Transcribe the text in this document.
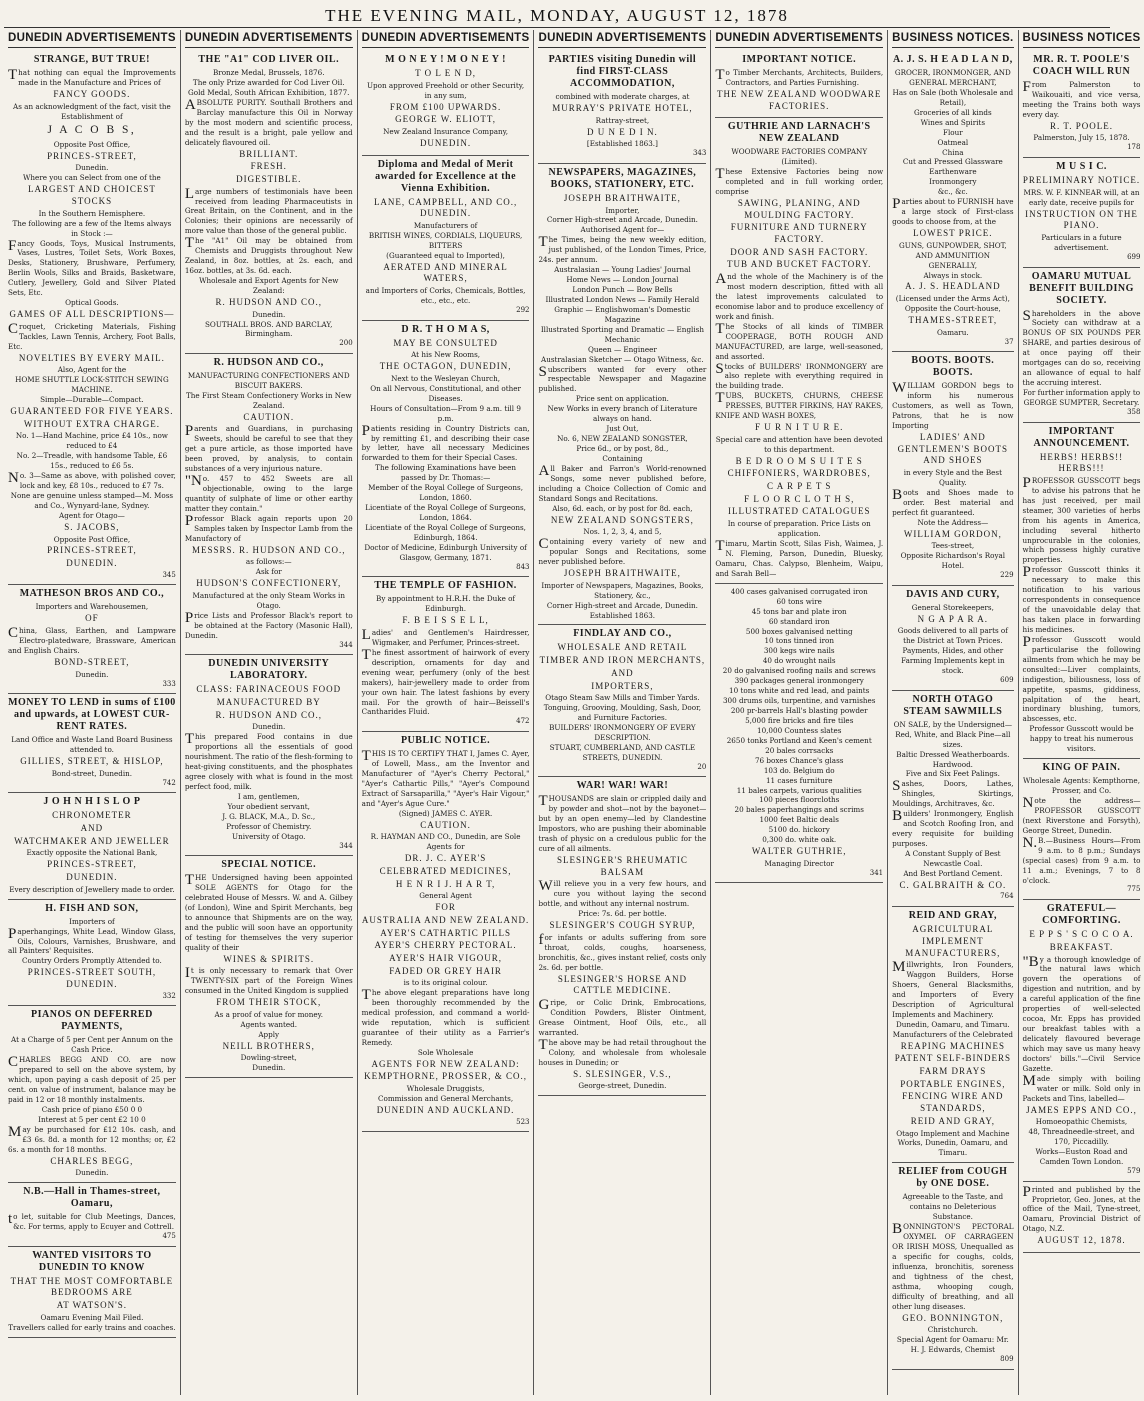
THE EVENING MAIL, MONDAY, AUGUST 12, 1878
DUNEDIN ADVERTISEMENTS
STRANGE, BUT TRUE!
That nothing can equal the Improvements made in the Manufacture and Prices of
FANCY GOODS.
As an acknowledgment of the fact, visit the Establishment of
J A C O B S,
Opposite Post Office,
PRINCES-STREET,
Dunedin.
Where you can Select from one of the
LARGEST AND CHOICEST STOCKS
In the Southern Hemisphere.
The following are a few of the Items always in Stock :—
Fancy Goods, Toys, Musical Instruments, Vases, Lustres, Toilet Sets, Work Boxes, Desks, Stationery, Brushware, Perfumery, Berlin Wools, Silks and Braids, Basketware, Cutlery, Jewellery, Gold and Silver Plated Sets, Etc.
Optical Goods.
GAMES OF ALL DESCRIPTIONS—
Croquet, Cricketing Materials, Fishing Tackles, Lawn Tennis, Archery, Foot Balls, Etc.
NOVELTIES BY EVERY MAIL.
Also, Agent for the
HOME SHUTTLE LOCK-STITCH SEWING MACHINE.
Simple—Durable—Compact.
GUARANTEED FOR FIVE YEARS.
WITHOUT EXTRA CHARGE.
No. 1—Hand Machine, price £4 10s., now reduced to £4
No. 2—Treadle, with handsome Table, £6 15s., reduced to £6 5s.
No. 3—Same as above, with polished cover, lock and key, £8 10s., reduced to £7 7s.
None are genuine unless stamped—M. Moss and Co., Wynyard-lane, Sydney.
Agent for Otago—
S. JACOBS,
Opposite Post Office,
PRINCES-STREET,
DUNEDIN.
345
MATHESON BROS AND CO.,
Importers and Warehousemen,
OF
China, Glass, Earthen, and Lampware Electro-platedware, Brassware, American and English Chairs.
BOND-STREET,
Dunedin.
333
MONEY TO LEND in sums of £100 and upwards, at LOWEST CUR-RENT RATES.
Land Office and Waste Land Board Business attended to.
GILLIES, STREET, & HISLOP,
Bond-street, Dunedin.
742
J O H N H I S L O P
CHRONOMETER
AND
WATCHMAKER AND JEWELLER
Exactly opposite the National Bank,
PRINCES-STREET,
DUNEDIN.
Every description of Jewellery made to order.
H. FISH AND SON,
Importers of
Paperhangings, White Lead, Window Glass, Oils, Colours, Varnishes, Brushware, and all Painters' Requisites.
Country Orders Promptly Attended to.
PRINCES-STREET SOUTH, DUNEDIN.
332
PIANOS ON DEFERRED PAYMENTS,
At a Charge of 5 per Cent per Annum on the Cash Price.
CHARLES BEGG AND CO. are now prepared to sell on the above system, by which, upon paying a cash deposit of 25 per cent. on value of instrument, balance may be paid in 12 or 18 monthly instalments.
Cash price of piano £50 0 0
Interest at 5 per cent £2 10 0
May be purchased for £12 10s. cash, and £3 6s. 8d. a month for 12 months; or, £2 6s. a month for 18 months.
CHARLES BEGG,
Dunedin.
N.B.—Hall in Thames-street, Oamaru,
to let, suitable for Club Meetings, Dances, &c. For terms, apply to Ecuyer and Cottrell.
475
WANTED VISITORS TO DUNEDIN TO KNOW
THAT THE MOST COMFORTABLE BEDROOMS ARE
AT WATSON'S.
Oamaru Evening Mail Filed.
Travellers called for early trains and coaches.
DUNEDIN ADVERTISEMENTS
THE "A1" COD LIVER OIL.
Bronze Medal, Brussels, 1876.
The only Prize awarded for Cod Liver Oil.
Gold Medal, South African Exhibition, 1877.
ABSOLUTE PURITY. Southall Brothers and Barclay manufacture this Oil in Norway by the most modern and scientific process, and the result is a bright, pale yellow and delicately flavoured oil.
BRILLIANT.
FRESH.
DIGESTIBLE.
Large numbers of testimonials have been received from leading Pharmaceutists in Great Britain, on the Continent, and in the Colonies; their opinions are necessarily of more value than those of the general public.
The "A1" Oil may be obtained from Chemists and Druggists throughout New Zealand, in 8oz. bottles, at 2s. each, and 16oz. bottles, at 3s. 6d. each.
Wholesale and Export Agents for New Zealand:
R. HUDSON AND CO.,
Dunedin.
SOUTHALL BROS. AND BARCLAY, Birmingham.
200
R. HUDSON AND CO.,
MANUFACTURING CONFECTIONERS AND BISCUIT BAKERS.
The First Steam Confectionery Works in New Zealand.
CAUTION.
Parents and Guardians, in purchasing Sweets, should be careful to see that they get a pure article, as those imported have been proved, by analysis, to contain substances of a very injurious nature.
"No. 457 to 452 Sweets are all objectionable, owing to the large quantity of sulphate of lime or other earthy matter they contain."
Professor Black again reports upon 20 Samples taken by Inspector Lamb from the Manufactory of
MESSRS. R. HUDSON AND CO.,
as follows:—
Ask for
HUDSON'S CONFECTIONERY,
Manufactured at the only Steam Works in Otago.
Price Lists and Professor Black's report to be obtained at the Factory (Masonic Hall), Dunedin.
344
DUNEDIN UNIVERSITY LABORATORY.
CLASS: FARINACEOUS FOOD
MANUFACTURED BY
R. HUDSON AND CO.,
Dunedin.
This prepared Food contains in due proportions all the essentials of good nourishment. The ratio of the flesh-forming to heat-giving constituents, and the phosphates agree closely with what is found in the most perfect food, milk.
I am, gentlemen,
Your obedient servant,
J. G. BLACK, M.A., D. Sc.,
Professor of Chemistry.
University of Otago.
344
SPECIAL NOTICE.
THE Undersigned having been appointed SOLE AGENTS for Otago for the celebrated House of Messrs. W. and A. Gilbey (of London), Wine and Spirit Merchants, beg to announce that Shipments are on the way, and the public will soon have an opportunity of testing for themselves the very superior quality of their
WINES & SPIRITS.
It is only necessary to remark that Over TWENTY-SIX part of the Foreign Wines consumed in the United Kingdom is supplied
FROM THEIR STOCK,
As a proof of value for money.
Agents wanted.
Apply
NEILL BROTHERS,
Dowling-street,
Dunedin.
DUNEDIN ADVERTISEMENTS
M O N E Y ! M O N E Y !
T O L E N D,
Upon approved Freehold or other Security,
in any sum,
FROM £100 UPWARDS.
GEORGE W. ELIOTT,
New Zealand Insurance Company,
DUNEDIN.
Diploma and Medal of Merit awarded for Excellence at the Vienna Exhibition.
LANE, CAMPBELL, AND CO., DUNEDIN.
Manufacturers of
BRITISH WINES, CORDIALS, LIQUEURS, BITTERS
(Guaranteed equal to Imported),
AERATED AND MINERAL WATERS,
and Importers of Corks, Chemicals, Bottles, etc., etc., etc.
292
D R. T H O M A S,
MAY BE CONSULTED
At his New Rooms,
THE OCTAGON, DUNEDIN,
Next to the Wesleyan Church,
On all Nervous, Constitutional, and other Diseases.
Hours of Consultation—From 9 a.m. till 9 p.m.
Patients residing in Country Districts can, by remitting £1, and describing their case by letter, have all necessary Medicines forwarded to them for their Special Cases.
The following Examinations have been passed by Dr. Thomas:—
Member of the Royal College of Surgeons, London, 1860.
Licentiate of the Royal College of Surgeons, London, 1864.
Licentiate of the Royal College of Surgeons, Edinburgh, 1864.
Doctor of Medicine, Edinburgh University of Glasgow, Germany, 1871.
843
THE TEMPLE OF FASHION.
By appointment to H.R.H. the Duke of Edinburgh.
F. B E I S S E L L,
Ladies' and Gentlemen's Hairdresser, Wigmaker, and Perfumer, Princes-street.
The finest assortment of hairwork of every description, ornaments for day and evening wear, perfumery (only of the best makers), hair-jewellery made to order from your own hair. The latest fashions by every mail. For the growth of hair—Beissell's Cantharides Fluid.
472
PUBLIC NOTICE.
THIS IS TO CERTIFY THAT I, James C. Ayer, of Lowell, Mass., am the Inventor and Manufacturer of "Ayer's Cherry Pectoral," "Ayer's Cathartic Pills," "Ayer's Compound Extract of Sarsaparilla," "Ayer's Hair Vigour," and "Ayer's Ague Cure."
(Signed) JAMES C. AYER.
CAUTION.
R. HAYMAN AND CO., Dunedin, are Sole Agents for
DR. J. C. AYER'S
CELEBRATED MEDICINES,
H E N R I J. H A R T,
General Agent
FOR
AUSTRALIA AND NEW ZEALAND.
AYER'S CATHARTIC PILLS
AYER'S CHERRY PECTORAL.
AYER'S HAIR VIGOUR,
FADED OR GREY HAIR
is to its original colour.
The above elegant preparations have long been thoroughly recommended by the medical profession, and command a world-wide reputation, which is sufficient guarantee of their utility as a Farrier's Remedy.
Sole Wholesale
AGENTS FOR NEW ZEALAND:
KEMPTHORNE, PROSSER, & CO.,
Wholesale Druggists,
Commission and General Merchants,
DUNEDIN AND AUCKLAND.
523
DUNEDIN ADVERTISEMENTS
PARTIES visiting Dunedin will find FIRST-CLASS ACCOMMODATION,
combined with moderate charges, at
MURRAY'S PRIVATE HOTEL,
Rattray-street,
D U N E D I N.
[Established 1863.]
343
NEWSPAPERS, MAGAZINES, BOOKS, STATIONERY, ETC.
JOSEPH BRAITHWAITE,
Importer,
Corner High-street and Arcade, Dunedin.
Authorised Agent for—
The Times, being the new weekly edition, just published, of the London Times, Price, 24s. per annum.
Australasian — Young Ladies' Journal
Home News — London Journal
London Punch — Bow Bells
Illustrated London News — Family Herald
Graphic — Englishwoman's Domestic Magazine
Illustrated Sporting and Dramatic — English Mechanic
Queen — Engineer
Australasian Sketcher — Otago Witness, &c.
Subscribers wanted for every other respectable Newspaper and Magazine published.
Price sent on application.
New Works in every branch of Literature always on hand.
Just Out,
No. 6, NEW ZEALAND SONGSTER,
Price 6d., or by post, 8d.,
Containing
All Baker and Farron's World-renowned Songs, some never published before, including a Choice Collection of Comic and Standard Songs and Recitations.
Also, 6d. each, or by post for 8d. each,
NEW ZEALAND SONGSTERS,
Nos. 1, 2, 3, 4, and 5,
Containing every variety of new and popular Songs and Recitations, some never published before.
JOSEPH BRAITHWAITE,
Importer of Newspapers, Magazines, Books, Stationery, &c.,
Corner High-street and Arcade, Dunedin.
Established 1863.
FINDLAY AND CO.,
WHOLESALE AND RETAIL
TIMBER AND IRON MERCHANTS,
AND
IMPORTERS,
Otago Steam Saw Mills and Timber Yards.
Tonguing, Grooving, Moulding, Sash, Door, and Furniture Factories.
BUILDERS' IRONMONGERY OF EVERY DESCRIPTION.
STUART, CUMBERLAND, AND CASTLE STREETS, DUNEDIN.
20
WAR! WAR! WAR!
THOUSANDS are slain or crippled daily and by powder and shot—not by the bayonet—but by an open enemy—led by Clandestine Impostors, who are pushing their abominable trash of physic on a credulous public for the cure of all ailments.
SLESINGER'S RHEUMATIC BALSAM
Will relieve you in a very few hours, and cure you without laying the second bottle, and without any internal nostrum.
Price: 7s. 6d. per bottle.
SLESINGER'S COUGH SYRUP,
for infants or adults suffering from sore throat, colds, coughs, hoarseness, bronchitis, &c., gives instant relief, costs only 2s. 6d. per bottle.
SLESINGER'S HORSE AND CATTLE MEDICINE.
Gripe, or Colic Drink, Embrocations, Condition Powders, Blister Ointment, Grease Ointment, Hoof Oils, etc., all warranted.
The above may be had retail throughout the Colony, and wholesale from wholesale houses in Dunedin; or
S. SLESINGER, V.S.,
George-street, Dunedin.
DUNEDIN ADVERTISEMENTS
IMPORTANT NOTICE.
To Timber Merchants, Architects, Builders, Contractors, and Parties Furnishing.
THE NEW ZEALAND WOODWARE FACTORIES.
GUTHRIE AND LARNACH'S NEW ZEALAND
WOODWARE FACTORIES COMPANY (Limited).
These Extensive Factories being now completed and in full working order, comprise
SAWING, PLANING, AND MOULDING FACTORY.
FURNITURE AND TURNERY FACTORY.
DOOR AND SASH FACTORY.
TUB AND BUCKET FACTORY.
And the whole of the Machinery is of the most modern description, fitted with all the latest improvements calculated to economise labor and to produce excellency of work and finish.
The Stocks of all kinds of TIMBER COOPERAGE, BOTH ROUGH AND MANUFACTURED, are large, well-seasoned, and assorted.
Stocks of BUILDERS' IRONMONGERY are also replete with everything required in the building trade.
TUBS, BUCKETS, CHURNS, CHEESE PRESSES, BUTTER FIRKINS, HAY RAKES, KNIFE AND WASH BOXES,
F U R N I T U R E.
Special care and attention have been devoted to this department.
B E D R O O M S U I T E S
CHIFFONIERS, WARDROBES,
C A R P E T S
F L O O R C L O T H S,
ILLUSTRATED CATALOGUES
In course of preparation. Price Lists on application.
Timaru, Martin Scott, Silas Fish, Waimea, J. N. Fleming, Parson, Dunedin, Bluesky, Oamaru, Chas. Calypso, Blenheim, Waipu, and Sarah Bell—
400 cases galvanised corrugated iron
60 tons wire
45 tons bar and plate iron
60 standard iron
500 boxes galvanised netting
10 tons tinned iron
300 kegs wire nails
40 do wrought nails
20 do galvanised roofing nails and screws
390 packages general ironmongery
10 tons white and red lead, and paints
300 drums oils, turpentine, and varnishes
200 pr-barrels Hall's blasting powder
5,000 fire bricks and fire tiles
10,000 Countess slates
2650 tonks Portland and Keen's cement
20 bales corrsacks
76 boxes Chance's glass
103 do. Belgium do
11 cases furniture
11 bales carpets, various qualities
100 pieces floorcloths
20 bales paperhangings and scrims
1000 feet Baltic deals
5100 do. hickory
0,300 do. white oak.
WALTER GUTHRIE,
Managing Director
341
BUSINESS NOTICES.
A. J. S. H E A D L A N D,
GROCER, IRONMONGER, AND GENERAL MERCHANT,
Has on Sale (both Wholesale and Retail),
Groceries of all kinds
Wines and Spirits
Flour
Oatmeal
China
Cut and Pressed Glassware
Earthenware
Ironmongery
&c., &c.
Parties about to FURNISH have a large stock of First-class goods to choose from, at the
LOWEST PRICE.
GUNS, GUNPOWDER, SHOT, AND AMMUNITION GENERALLY,
Always in stock.
A. J. S. HEADLAND
(Licensed under the Arms Act),
Opposite the Court-house,
THAMES-STREET,
Oamaru.
37
BOOTS. BOOTS. BOOTS.
WILLIAM GORDON begs to inform his numerous Customers, as well as Town, Patrons, that he is now Importing
LADIES' AND GENTLEMEN'S BOOTS AND SHOES
in every Style and the Best Quality.
Boots and Shoes made to order. Best material and perfect fit guaranteed.
Note the Address—
WILLIAM GORDON,
Tees-street,
Opposite Richardson's Royal Hotel.
229
DAVIS AND CURY,
General Storekeepers,
N G A P A R A.
Goods delivered to all parts of the District at Town Prices.
Payments, Hides, and other Farming Implements kept in stock.
609
NORTH OTAGO STEAM SAWMILLS
ON SALE, by the Undersigned—
Red, White, and Black Pine—all sizes.
Baltic Dressed Weatherboards.
Hardwood.
Five and Six Feet Palings.
Sashes, Doors, Lathes, Shingles, Skirtings, Mouldings, Architraves, &c.
Builders' Ironmongery, English and Scotch Roofing Iron, and every requisite for building purposes.
A Constant Supply of Best Newcastle Coal.
And Best Portland Cement.
C. GALBRAITH & CO.
764
REID AND GRAY,
AGRICULTURAL IMPLEMENT MANUFACTURERS,
Millwrights, Iron Founders, Waggon Builders, Horse Shoers, General Blacksmiths, and Importers of Every Description of Agricultural Implements and Machinery.
Dunedin, Oamaru, and Timaru.
Manufacturers of the Celebrated
REAPING MACHINES
PATENT SELF-BINDERS
FARM DRAYS
PORTABLE ENGINES,
FENCING WIRE AND STANDARDS,
REID AND GRAY,
Otago Implement and Machine Works, Dunedin, Oamaru, and Timaru.
RELIEF from COUGH by ONE DOSE.
Agreeable to the Taste, and contains no Deleterious Substance.
BONNINGTON'S PECTORAL OXYMEL OF CARRAGEEN OR IRISH MOSS, Unequalled as a specific for coughs, colds, influenza, bronchitis, soreness and tightness of the chest, asthma, whooping cough, difficulty of breathing, and all other lung diseases.
GEO. BONNINGTON,
Christchurch.
Special Agent for Oamaru: Mr. H. J. Edwards, Chemist
809
BUSINESS NOTICES
MR. R. T. POOLE'S COACH WILL RUN
From Palmerston to Waikouaiti, and vice versa, meeting the Trains both ways every day.
R. T. POOLE.
Palmerston, July 15, 1878.
178
M U S I C.
PRELIMINARY NOTICE.
MRS. W. F. KINNEAR will, at an early date, receive pupils for
INSTRUCTION ON THE PIANO.
Particulars in a future advertisement.
699
OAMARU MUTUAL BENEFIT BUILDING SOCIETY.
Shareholders in the above Society can withdraw at a BONUS OF SIX POUNDS PER SHARE, and parties desirous of at once paying off their mortgages can do so, receiving an allowance of equal to half the accruing interest.
For further information apply to
GEORGE SUMPTER, Secretary.
358
IMPORTANT ANNOUNCEMENT.
HERBS! HERBS!! HERBS!!!
PROFESSOR GUSSCOTT begs to advise his patrons that he has just received, per mail steamer, 300 varieties of herbs from his agents in America, including several hitherto unprocurable in the colonies, which possess highly curative properties.
Professor Gusscott thinks it necessary to make this notification to his various correspondents in consequence of the unavoidable delay that has taken place in forwarding his medicines.
Professor Gusscott would particularise the following ailments from which he may be consulted:—Liver complaints, indigestion, biliousness, loss of appetite, spasms, giddiness, palpitation of the heart, inordinary blushing, tumors, abscesses, etc.
Professor Gusscott would be happy to treat his numerous visitors.
KING OF PAIN.
Wholesale Agents: Kempthorne, Prosser, and Co.
Note the address—PROFESSOR GUSSCOTT (next Riverstone and Forsyth), George Street, Dunedin.
N.B.—Business Hours—From 9 a.m. to 8 p.m.; Sundays (special cases) from 9 a.m. to 11 a.m.; Evenings, 7 to 8 o'clock.
775
GRATEFUL—COMFORTING.
E P P S ' S C O C O A.
BREAKFAST.
"By a thorough knowledge of the natural laws which govern the operations of digestion and nutrition, and by a careful application of the fine properties of well-selected cocoa, Mr. Epps has provided our breakfast tables with a delicately flavoured beverage which may save us many heavy doctors' bills."—Civil Service Gazette.
Made simply with boiling water or milk. Sold only in Packets and Tins, labelled—
JAMES EPPS AND CO.,
Homoeopathic Chemists,
48, Threadneedle-street, and 170, Piccadilly.
Works—Euston Road and Camden Town London.
579
Printed and published by the Proprietor, Geo. Jones, at the office of the Mail, Tyne-street, Oamaru, Provincial District of Otago, N.Z.
AUGUST 12, 1878.
